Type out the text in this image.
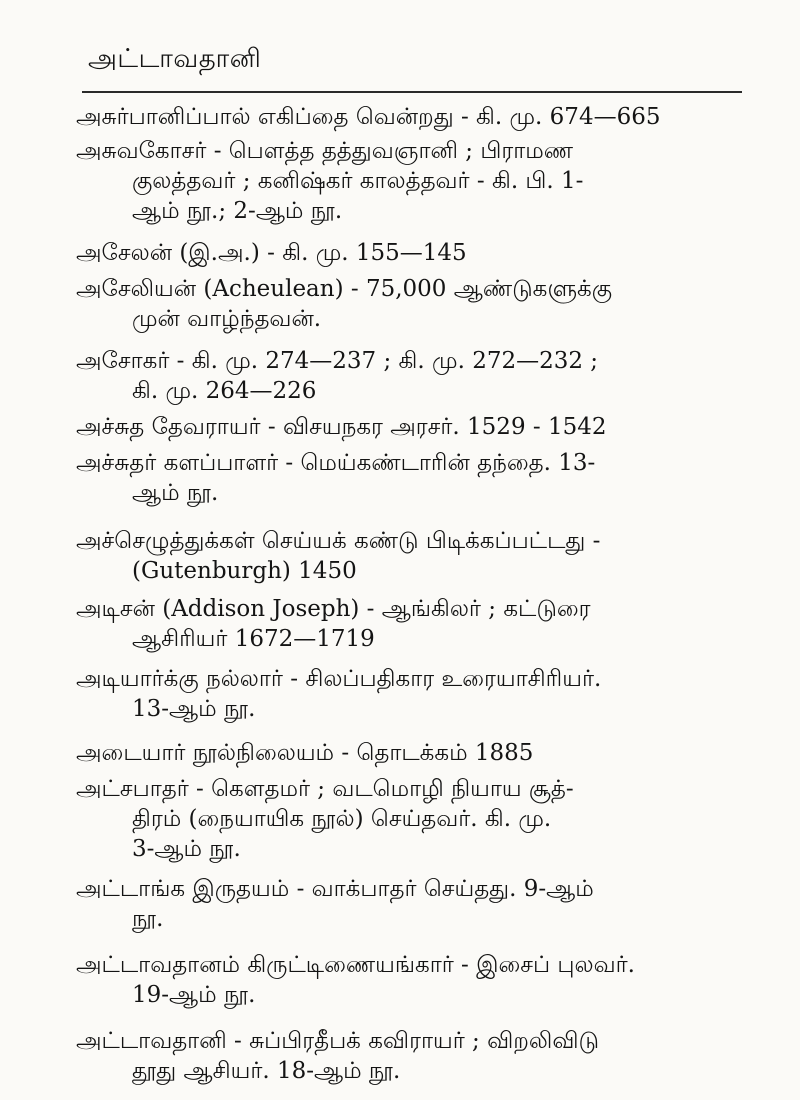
அட்டாவதானி
அசுர்பானிப்பால் எகிப்தை வென்றது - கி. மு. 674—665
அசுவகோசர் - பௌத்த தத்துவஞானி ; பிராமண
குலத்தவர் ; கனிஷ்கர் காலத்தவர் - கி. பி. 1-
ஆம் நூ.; 2-ஆம் நூ.
அசேலன் (இ.அ.) - கி. மு. 155—145
அசேலியன் (Acheulean) - 75,000 ஆண்டுகளுக்கு
முன் வாழ்ந்தவன்.
அசோகர் - கி. மு. 274—237 ; கி. மு. 272—232 ;
கி. மு. 264—226
அச்சுத தேவராயர் - விசயநகர அரசர். 1529 - 1542
அச்சுதர் களப்பாளர் - மெய்கண்டாரின் தந்தை. 13-
ஆம் நூ.
அச்செழுத்துக்கள் செய்யக் கண்டு பிடிக்கப்பட்டது -
(Gutenburgh) 1450
அடிசன் (Addison Joseph) - ஆங்கிலர் ; கட்டுரை
ஆசிரியர் 1672—1719
அடியார்க்கு நல்லார் - சிலப்பதிகார உரையாசிரியர்.
13-ஆம் நூ.
அடையார் நூல்நிலையம் - தொடக்கம் 1885
அட்சபாதர் - கௌதமர் ; வடமொழி நியாய சூத்-
திரம் (நையாயிக நூல்) செய்தவர். கி. மு.
3-ஆம் நூ.
அட்டாங்க இருதயம் - வாக்பாதர் செய்தது. 9-ஆம்
நூ.
அட்டாவதானம் கிருட்டிணையங்கார் - இசைப் புலவர்.
19-ஆம் நூ.
அட்டாவதானி - சுப்பிரதீபக் கவிராயர் ; விறலிவிடு
தூது ஆசியர். 18-ஆம் நூ.
